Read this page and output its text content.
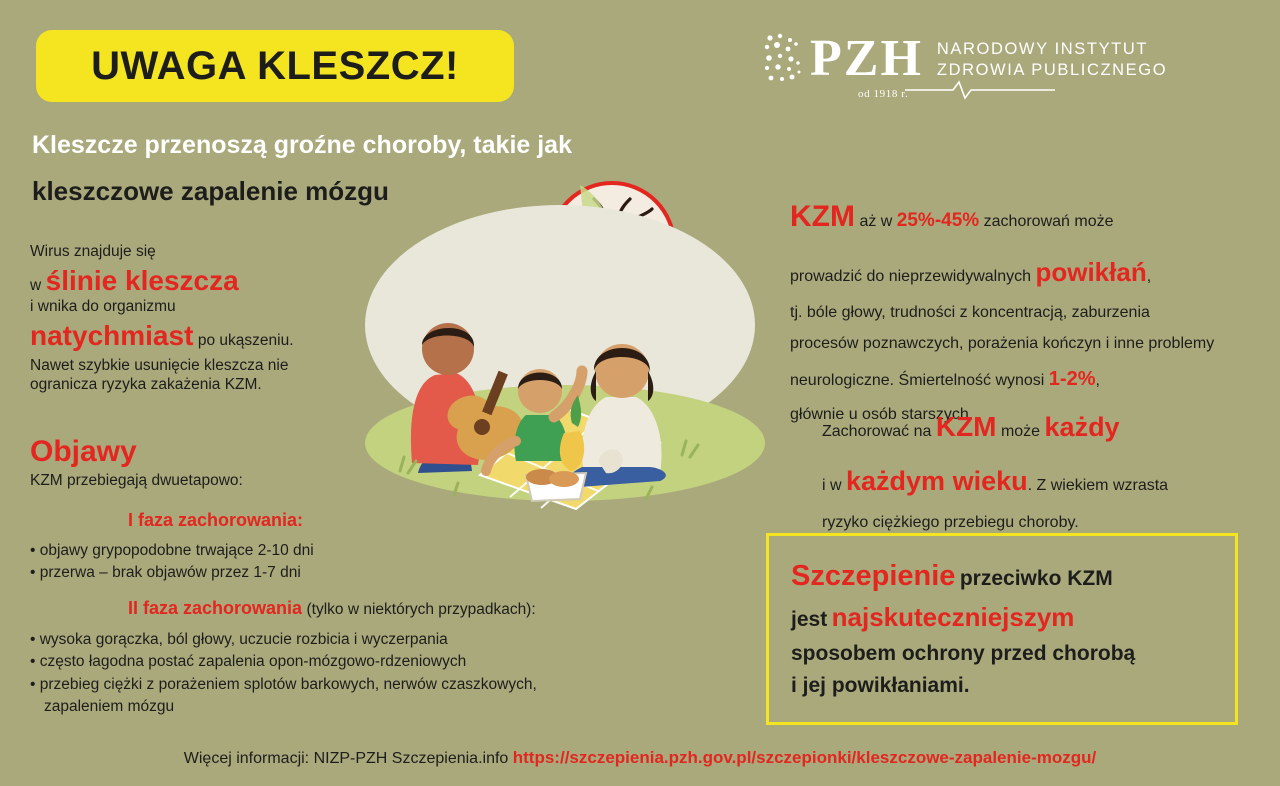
UWAGA KLESZCZ!	PZH NARODOWY INSTYTUT
ZDROWIA PUBLICZNEGO
od 1918 r.
Kleszcze przenoszą groźne choroby, takie jak
kleszczowe zapalenie mózgu
Wirus znajduje się
w ślinie kleszcza
i wnika do organizmu
natychmiast po ukąszeniu.
Nawet szybkie usunięcie kleszcza nie
ogranicza ryzyka zakażenia KZM.
Objawy
KZM przebiegają dwuetapowo:
I faza zachorowania:
• objawy grypopodobne trwające 2-10 dni
• przerwa – brak objawów przez 1-7 dni
II faza zachorowania (tylko w niektórych przypadkach):
• wysoka gorączka, ból głowy, uczucie rozbicia i wyczerpania
• często łagodna postać zapalenia opon-mózgowo-rdzeniowych
• przebieg ciężki z porażeniem splotów barkowych, nerwów czaszkowych,
zapaleniem mózgu
KZM aż w 25%-45% zachorowań może
prowadzić do nieprzewidywalnych powikłań,
tj. bóle głowy, trudności z koncentracją, zaburzenia
procesów poznawczych, porażenia kończyn i inne problemy
neurologiczne. Śmiertelność wynosi 1-2%,
głównie u osób starszych.
Zachorować na KZM może każdy
i w każdym wieku. Z wiekiem wzrasta
ryzyko ciężkiego przebiegu choroby.
Szczepienie przeciwko KZM
jest najskuteczniejszym
sposobem ochrony przed chorobą
i jej powikłaniami.
Więcej informacji: NIZP-PZH Szczepienia.info https://szczepienia.pzh.gov.pl/szczepionki/kleszczowe-zapalenie-mozgu/
